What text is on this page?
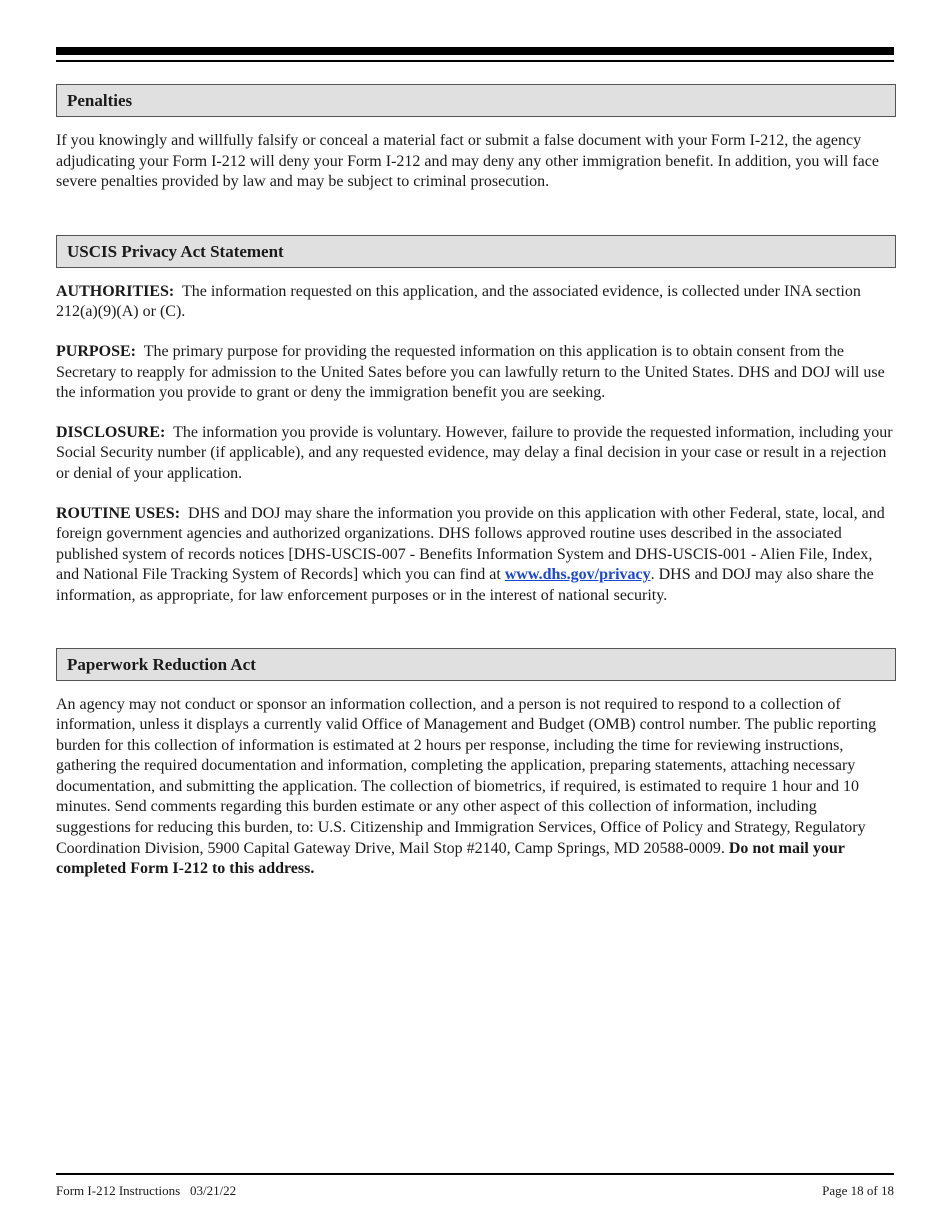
Penalties

If you knowingly and willfully falsify or conceal a material fact or submit a false document with your Form I-212, the agency adjudicating your Form I-212 will deny your Form I-212 and may deny any other immigration benefit. In addition, you will face severe penalties provided by law and may be subject to criminal prosecution.

USCIS Privacy Act Statement

AUTHORITIES: The information requested on this application, and the associated evidence, is collected under INA section 212(a)(9)(A) or (C).

PURPOSE: The primary purpose for providing the requested information on this application is to obtain consent from the Secretary to reapply for admission to the United Sates before you can lawfully return to the United States. DHS and DOJ will use the information you provide to grant or deny the immigration benefit you are seeking.

DISCLOSURE: The information you provide is voluntary. However, failure to provide the requested information, including your Social Security number (if applicable), and any requested evidence, may delay a final decision in your case or result in a rejection or denial of your application.

ROUTINE USES: DHS and DOJ may share the information you provide on this application with other Federal, state, local, and foreign government agencies and authorized organizations. DHS follows approved routine uses described in the associated published system of records notices [DHS-USCIS-007 - Benefits Information System and DHS-USCIS-001 - Alien File, Index, and National File Tracking System of Records] which you can find at www.dhs.gov/privacy. DHS and DOJ may also share the information, as appropriate, for law enforcement purposes or in the interest of national security.

Paperwork Reduction Act

An agency may not conduct or sponsor an information collection, and a person is not required to respond to a collection of information, unless it displays a currently valid Office of Management and Budget (OMB) control number. The public reporting burden for this collection of information is estimated at 2 hours per response, including the time for reviewing instructions, gathering the required documentation and information, completing the application, preparing statements, attaching necessary documentation, and submitting the application. The collection of biometrics, if required, is estimated to require 1 hour and 10 minutes. Send comments regarding this burden estimate or any other aspect of this collection of information, including suggestions for reducing this burden, to: U.S. Citizenship and Immigration Services, Office of Policy and Strategy, Regulatory Coordination Division, 5900 Capital Gateway Drive, Mail Stop #2140, Camp Springs, MD 20588-0009. Do not mail your completed Form I-212 to this address.

Form I-212 Instructions   03/21/22	Page 18 of 18
